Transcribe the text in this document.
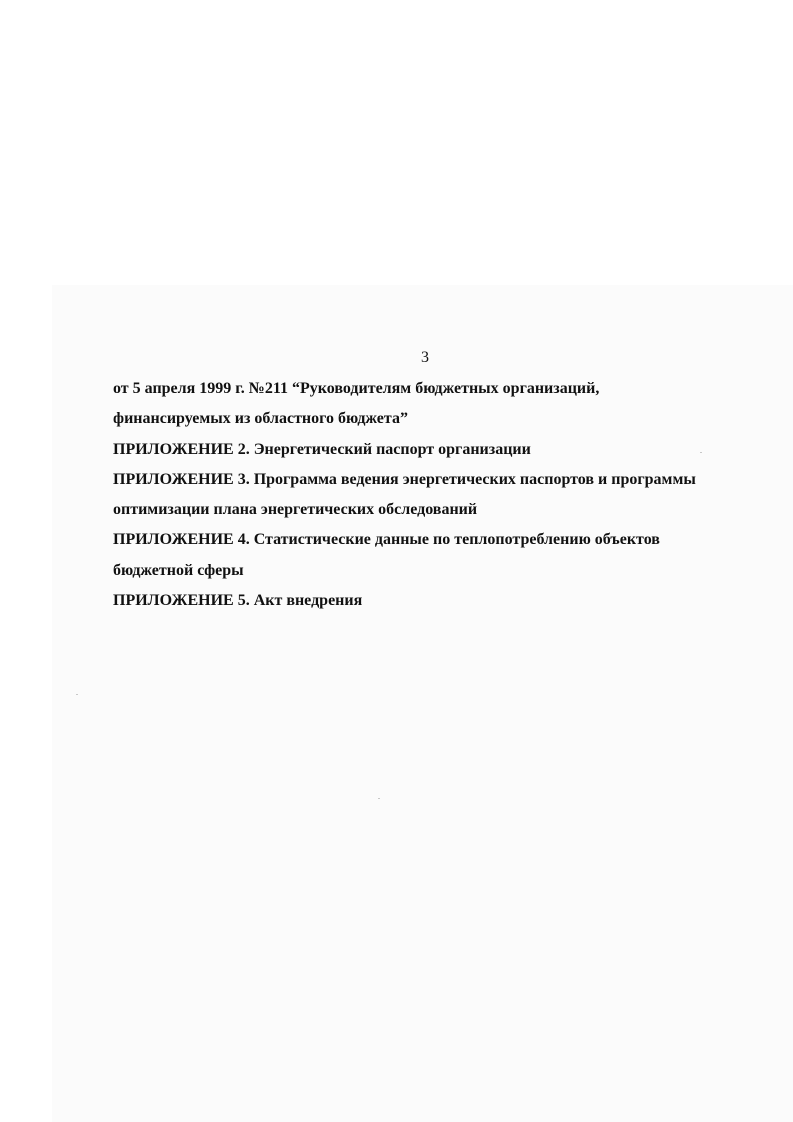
3
от 5 апреля 1999 г. №211 “Руководителям бюджетных организаций,
финансируемых из областного бюджета”
ПРИЛОЖЕНИЕ 2. Энергетический паспорт организации
ПРИЛОЖЕНИЕ 3. Программа ведения энергетических паспортов и программы
оптимизации плана энергетических обследований
ПРИЛОЖЕНИЕ 4. Статистические данные по теплопотреблению объектов
бюджетной сферы
ПРИЛОЖЕНИЕ 5. Акт внедрения
